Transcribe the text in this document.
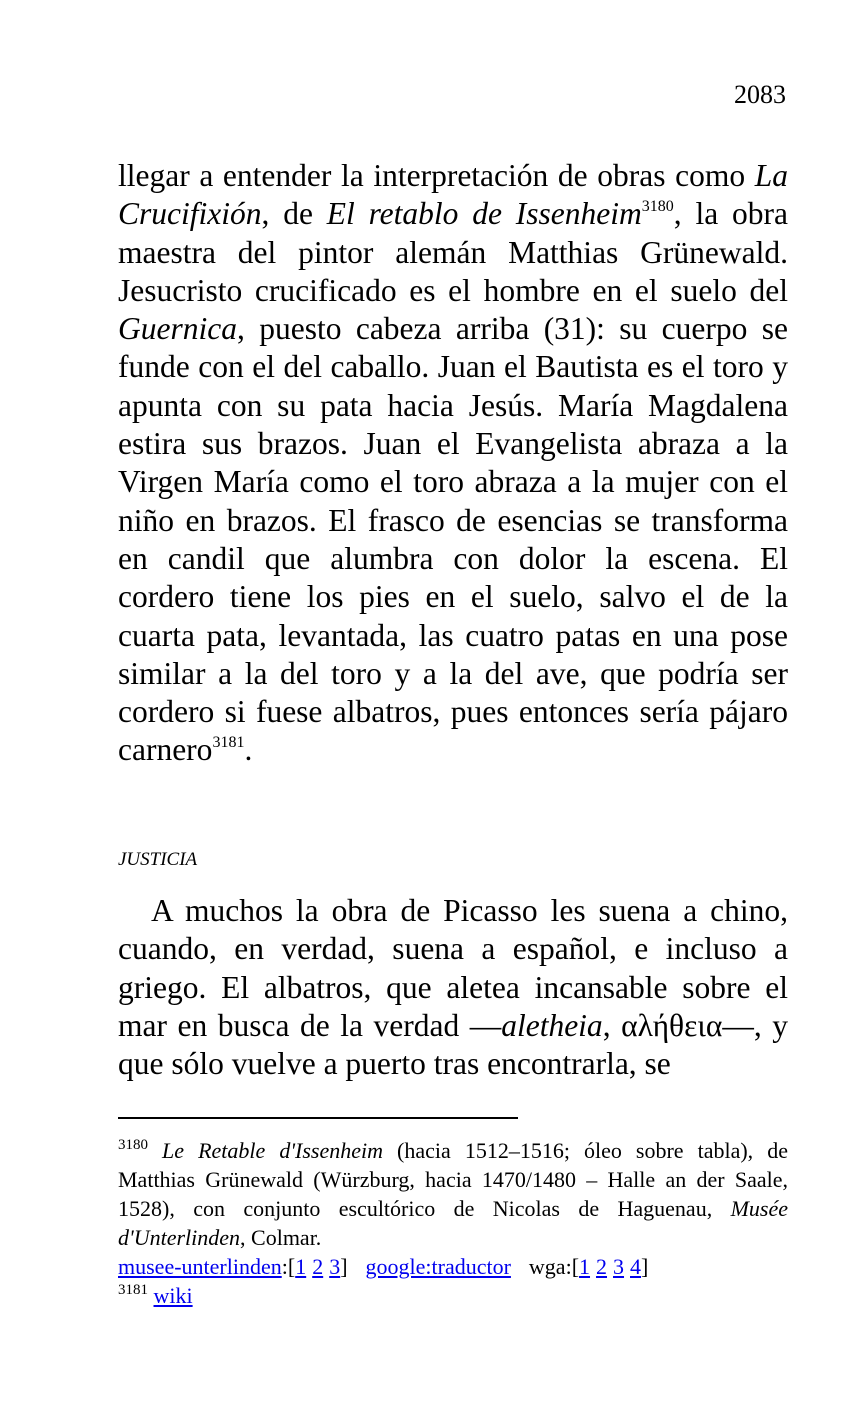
2083
llegar a entender la interpretación de obras como La Crucifixión, de El retablo de Issenheim$^{3180}$, la obra maestra del pintor alemán Matthias Grünewald. Jesucristo crucificado es el hombre en el suelo del Guernica, puesto cabeza arriba (31): su cuerpo se funde con el del caballo. Juan el Bautista es el toro y apunta con su pata hacia Jesús. María Magdalena estira sus brazos. Juan el Evangelista abraza a la Virgen María como el toro abraza a la mujer con el niño en brazos. El frasco de esencias se transforma en candil que alumbra con dolor la escena. El cordero tiene los pies en el suelo, salvo el de la cuarta pata, levantada, las cuatro patas en una pose similar a la del toro y a la del ave, que podría ser cordero si fuese albatros, pues entonces sería pájaro carnero$^{3181}$.
JUSTICIA
A muchos la obra de Picasso les suena a chino, cuando, en verdad, suena a español, e incluso a griego. El albatros, que aletea incansable sobre el mar en busca de la verdad —aletheia, αλήθεια—, y que sólo vuelve a puerto tras encontrarla, se
$^{3180}$ Le Retable d'Issenheim (hacia 1512–1516; óleo sobre tabla), de Matthias Grünewald (Würzburg, hacia 1470/1480 – Halle an der Saale, 1528), con conjunto escultórico de Nicolas de Haguenau, Musée d'Unterlinden, Colmar.
musee-unterlinden:[1 2 3] google:traductor wga:[1 2 3 4]
$^{3181}$ wiki
